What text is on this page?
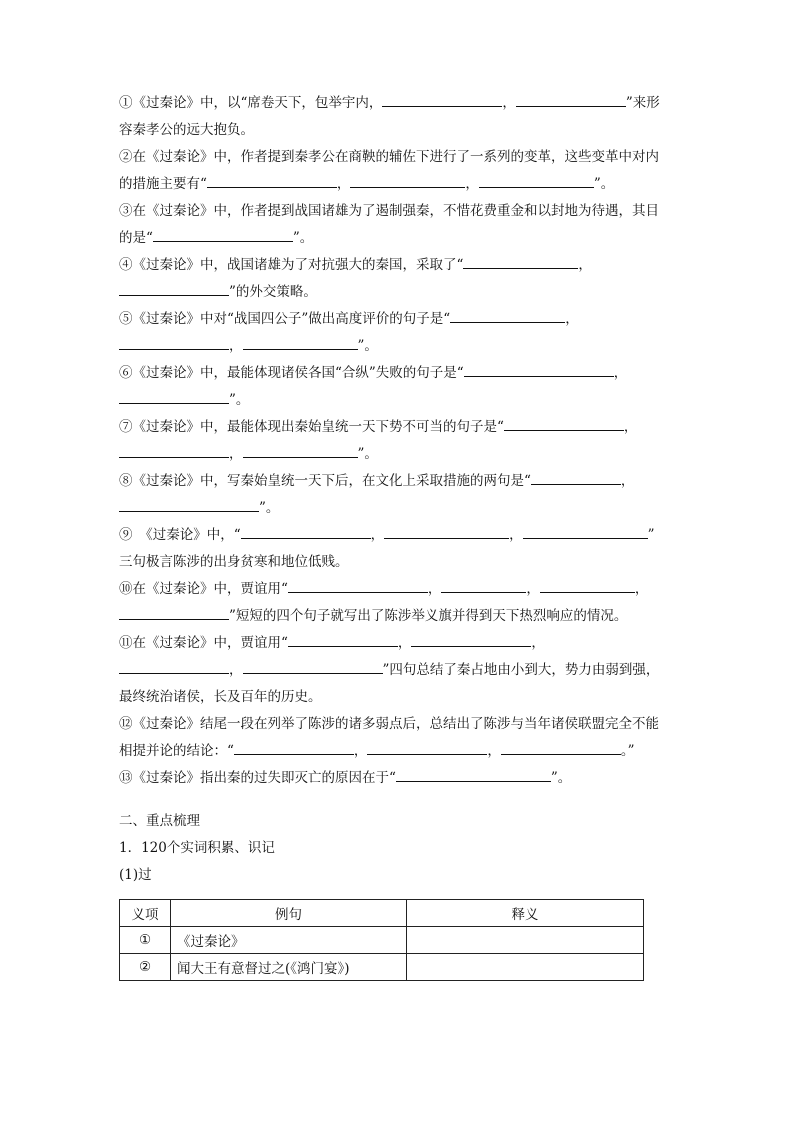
①《过秦论》中，以“席卷天下，包举宇内，	，	”来形
容秦孝公的远大抱负。
②在《过秦论》中，作者提到秦孝公在商鞅的辅佐下进行了一系列的变革，这些变革中对内
的措施主要有“	，	，	”。
③在《过秦论》中，作者提到战国诸雄为了遏制强秦，不惜花费重金和以封地为待遇，其目
的是“	”。
④《过秦论》中，战国诸雄为了对抗强大的秦国，采取了“	，
”的外交策略。
⑤《过秦论》中对“战国四公子”做出高度评价的句子是“	，
，	”。
⑥《过秦论》中，最能体现诸侯各国“合纵”失败的句子是“	，
”。
⑦《过秦论》中，最能体现出秦始皇统一天下势不可当的句子是“	，
，	”。
⑧《过秦论》中，写秦始皇统一天下后，在文化上采取措施的两句是“	，
”。
⑨　《过秦论》中，“	，	，	”
三句极言陈涉的出身贫寒和地位低贱。
⑩在《过秦论》中，贾谊用“	，	，	，
”短短的四个句子就写出了陈涉举义旗并得到天下热烈响应的情况。
⑪在《过秦论》中，贾谊用“	，	，
，	”四句总结了秦占地由小到大，势力由弱到强，
最终统治诸侯，长及百年的历史。
⑫《过秦论》结尾一段在列举了陈涉的诸多弱点后，总结出了陈涉与当年诸侯联盟完全不能
相提并论的结论：“	，	，	。”
⑬《过秦论》指出秦的过失即灭亡的原因在于“	”。
二、重点梳理
1．120个实词积累、识记
(1)过
义项	例句	释义
①	《过秦论》	
②	闻大王有意督过之(《鸿门宴》)	
